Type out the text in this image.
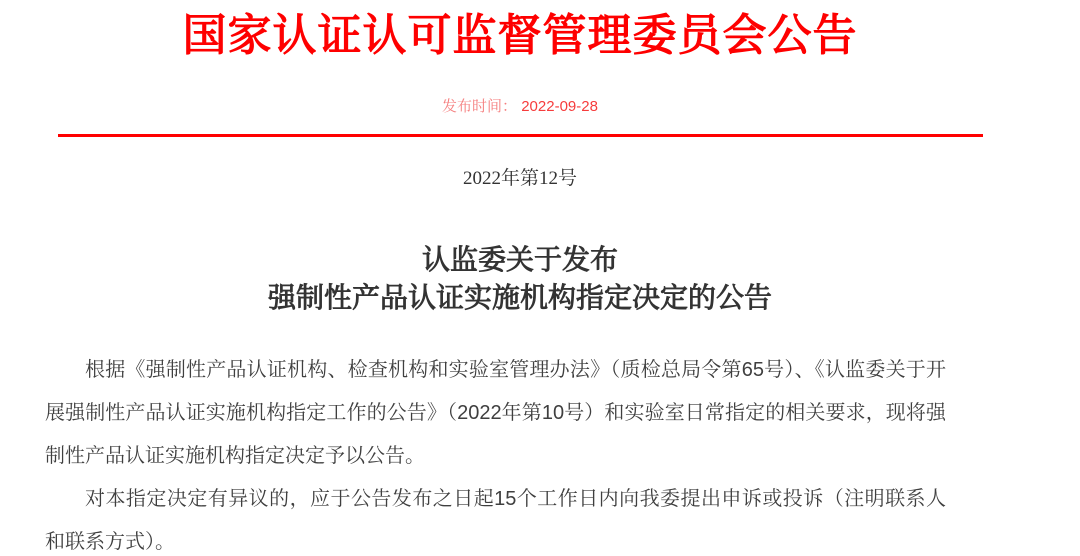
国家认证认可监督管理委员会公告
发布时间： 2022-09-28
2022年第12号
认监委关于发布
强制性产品认证实施机构指定决定的公告

根据《强制性产品认证机构、检查机构和实验室管理办法》（质检总局令第65号）、《认监委关于开展强制性产品认证实施机构指定工作的公告》（2022年第10号）和实验室日常指定的相关要求，现将强制性产品认证实施机构指定决定予以公告。

对本指定决定有异议的，应于公告发布之日起15个工作日内向我委提出申诉或投诉（注明联系人和联系方式）。
